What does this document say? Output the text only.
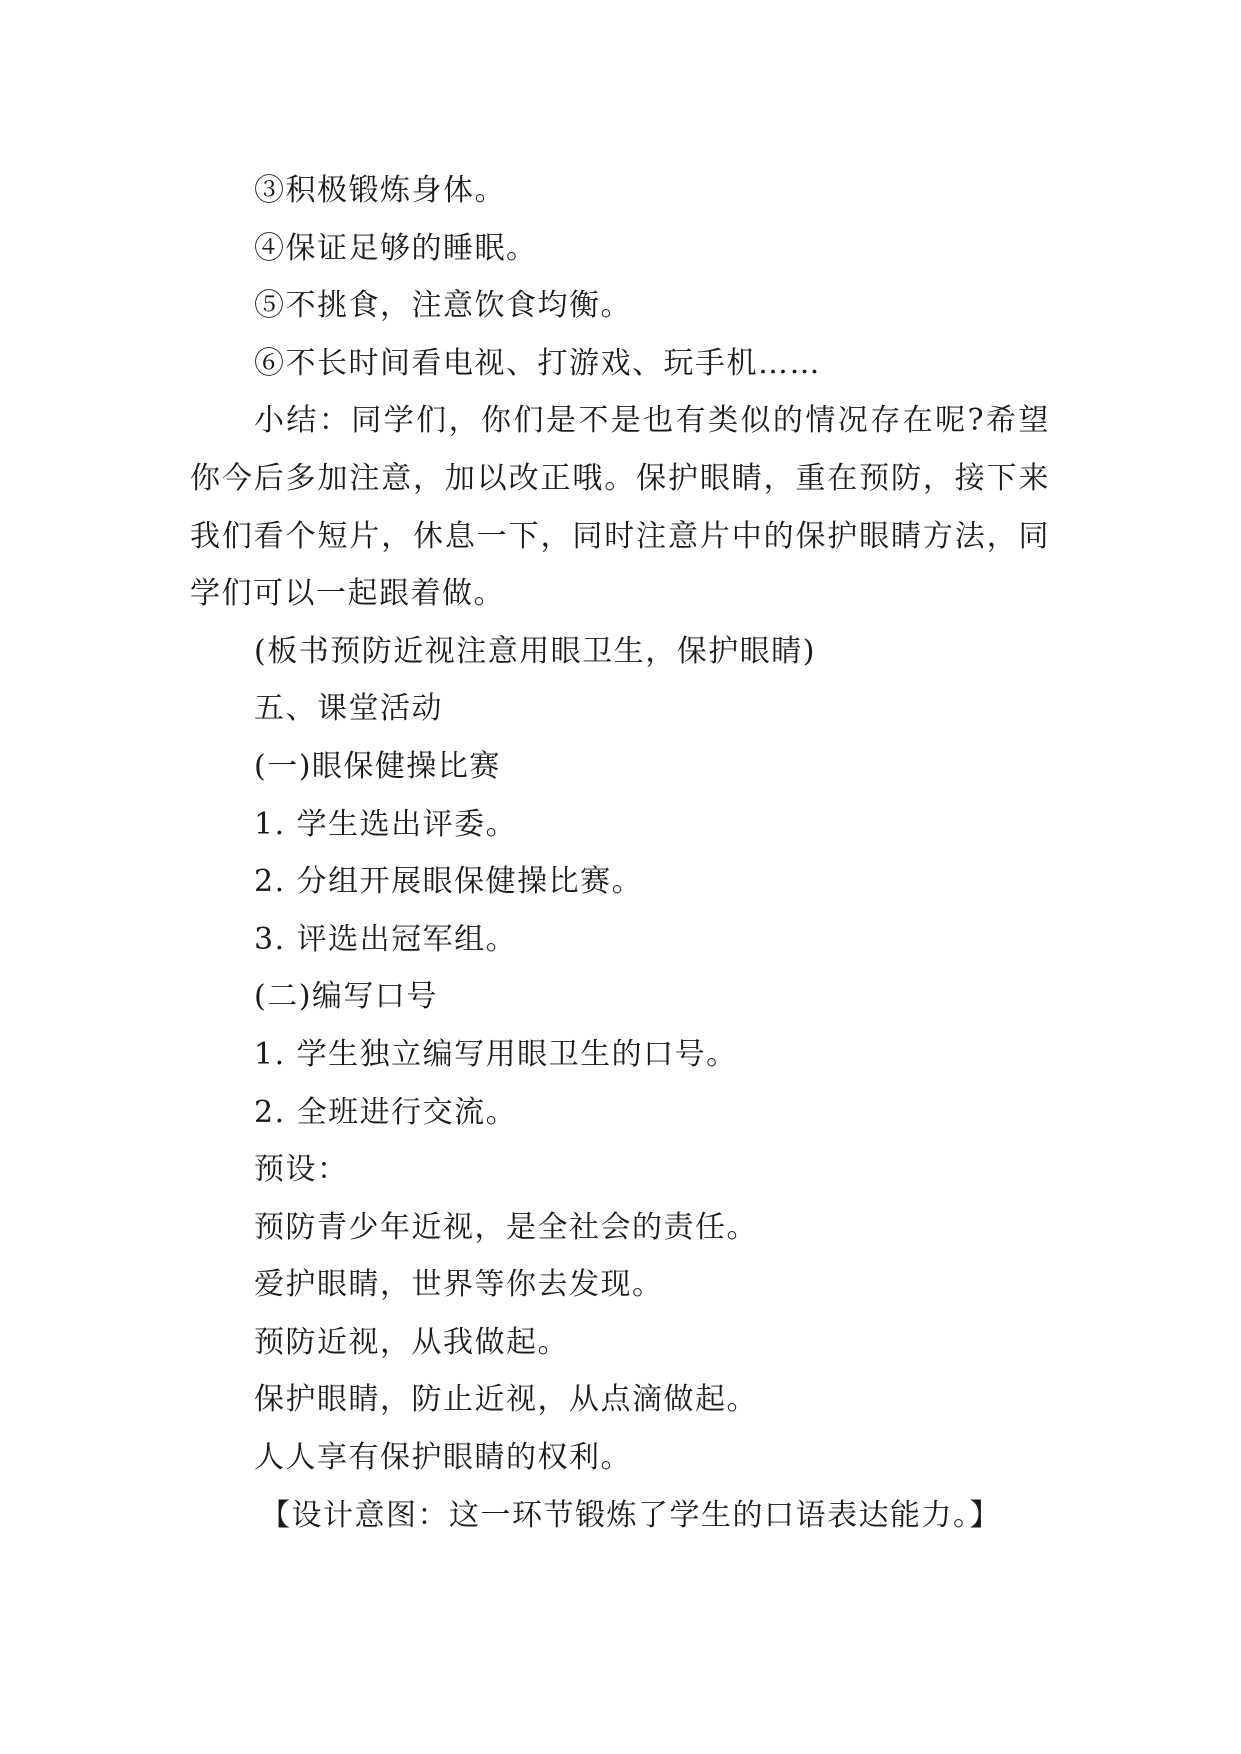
③积极锻炼身体。
④保证足够的睡眠。
⑤不挑食，注意饮食均衡。
⑥不长时间看电视、打游戏、玩手机……
小结：同学们，你们是不是也有类似的情况存在呢?希望你今后多加注意，加以改正哦。保护眼睛，重在预防，接下来我们看个短片，休息一下，同时注意片中的保护眼睛方法，同学们可以一起跟着做。
(板书预防近视注意用眼卫生，保护眼睛)
五、课堂活动
(一)眼保健操比赛
1. 学生选出评委。
2. 分组开展眼保健操比赛。
3. 评选出冠军组。
(二)编写口号
1. 学生独立编写用眼卫生的口号。
2. 全班进行交流。
预设：
预防青少年近视，是全社会的责任。
爱护眼睛，世界等你去发现。
预防近视，从我做起。
保护眼睛，防止近视，从点滴做起。
人人享有保护眼睛的权利。
【设计意图：这一环节锻炼了学生的口语表达能力。】
